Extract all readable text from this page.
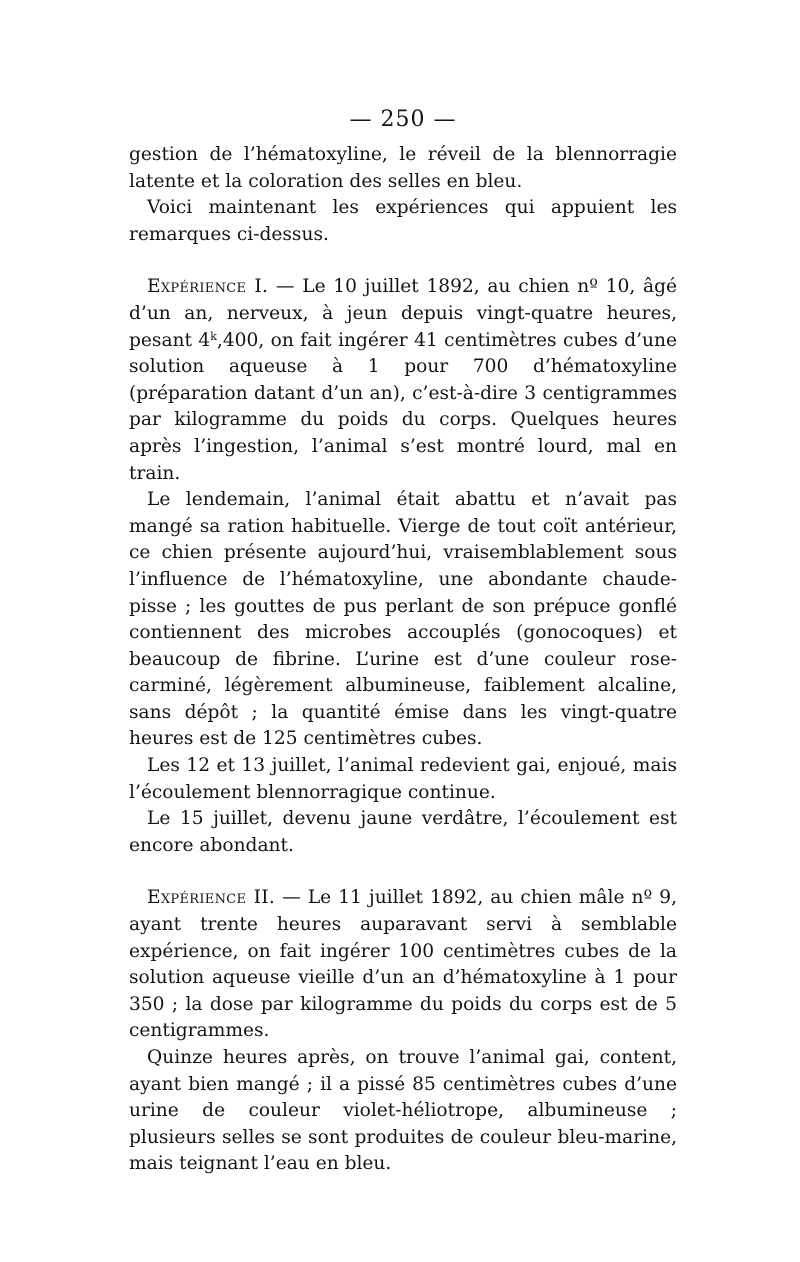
— 250 —

gestion de l’hématoxyline, le réveil de la blennorragie latente et la coloration des selles en bleu.

Voici maintenant les expériences qui appuient les remarques ci-dessus.

Expérience I. — Le 10 juillet 1892, au chien nº 10, âgé d’un an, nerveux, à jeun depuis vingt-quatre heures, pesant 4$^k$,400, on fait ingérer 41 centimètres cubes d’une solution aqueuse à 1 pour 700 d’hématoxyline (préparation datant d’un an), c’est-à-dire 3 centigrammes par kilogramme du poids du corps. Quelques heures après l’ingestion, l’animal s’est montré lourd, mal en train.

Le lendemain, l’animal était abattu et n’avait pas mangé sa ration habituelle. Vierge de tout coït antérieur, ce chien présente aujourd’hui, vraisemblablement sous l’influence de l’hématoxyline, une abondante chaude-pisse ; les gouttes de pus perlant de son prépuce gonflé contiennent des microbes accouplés (gonocoques) et beaucoup de fibrine. L’urine est d’une couleur rose-carminé, légèrement albumineuse, faiblement alcaline, sans dépôt ; la quantité émise dans les vingt-quatre heures est de 125 centimètres cubes.

Les 12 et 13 juillet, l’animal redevient gai, enjoué, mais l’écoulement blennorragique continue.

Le 15 juillet, devenu jaune verdâtre, l’écoulement est encore abondant.

Expérience II. — Le 11 juillet 1892, au chien mâle nº 9, ayant trente heures auparavant servi à semblable expérience, on fait ingérer 100 centimètres cubes de la solution aqueuse vieille d’un an d’hématoxyline à 1 pour 350 ; la dose par kilogramme du poids du corps est de 5 centigrammes.

Quinze heures après, on trouve l’animal gai, content, ayant bien mangé ; il a pissé 85 centimètres cubes d’une urine de couleur violet-héliotrope, albumineuse ; plusieurs selles se sont produites de couleur bleu-marine, mais teignant l’eau en bleu.
